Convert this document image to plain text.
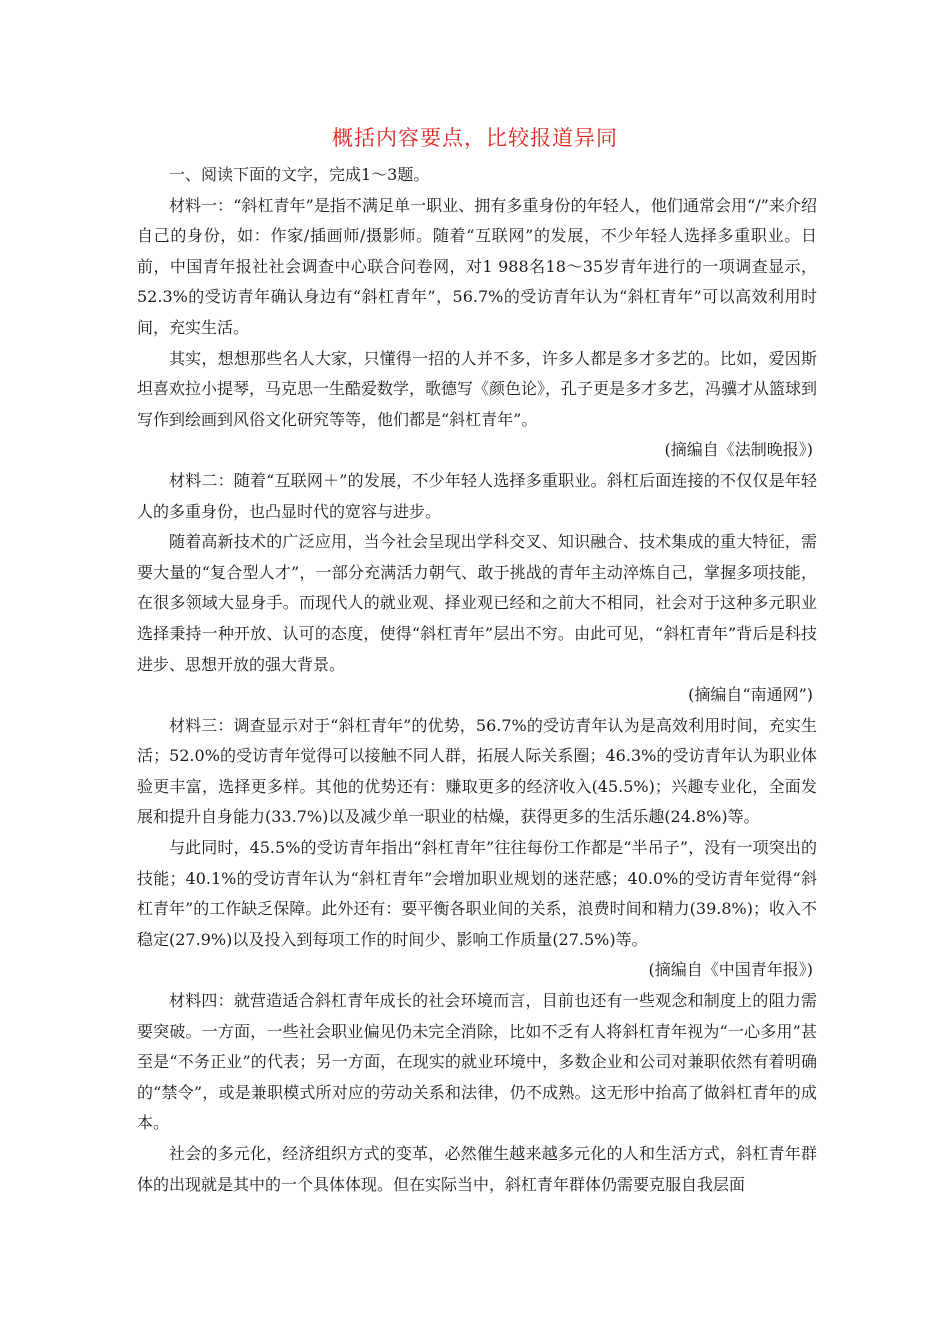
概括内容要点，比较报道异同

一、阅读下面的文字，完成1～3题。

材料一：“斜杠青年”是指不满足单一职业、拥有多重身份的年轻人，他们通常会用“/”来介绍自己的身份，如：作家/插画师/摄影师。随着“互联网”的发展，不少年轻人选择多重职业。日前，中国青年报社社会调查中心联合问卷网，对1 988名18～35岁青年进行的一项调查显示，52.3%的受访青年确认身边有“斜杠青年”，56.7%的受访青年认为“斜杠青年”可以高效利用时间，充实生活。

其实，想想那些名人大家，只懂得一招的人并不多，许多人都是多才多艺的。比如，爱因斯坦喜欢拉小提琴，马克思一生酷爱数学，歌德写《颜色论》，孔子更是多才多艺，冯骥才从篮球到写作到绘画到风俗文化研究等等，他们都是“斜杠青年”。

(摘编自《法制晚报》)

材料二：随着“互联网＋”的发展，不少年轻人选择多重职业。斜杠后面连接的不仅仅是年轻人的多重身份，也凸显时代的宽容与进步。

随着高新技术的广泛应用，当今社会呈现出学科交叉、知识融合、技术集成的重大特征，需要大量的“复合型人才”，一部分充满活力朝气、敢于挑战的青年主动淬炼自己，掌握多项技能，在很多领域大显身手。而现代人的就业观、择业观已经和之前大不相同，社会对于这种多元职业选择秉持一种开放、认可的态度，使得“斜杠青年”层出不穷。由此可见，“斜杠青年”背后是科技进步、思想开放的强大背景。

(摘编自“南通网”)

材料三：调查显示对于“斜杠青年”的优势，56.7%的受访青年认为是高效利用时间，充实生活；52.0%的受访青年觉得可以接触不同人群，拓展人际关系圈；46.3%的受访青年认为职业体验更丰富，选择更多样。其他的优势还有：赚取更多的经济收入(45.5%)；兴趣专业化，全面发展和提升自身能力(33.7%)以及减少单一职业的枯燥，获得更多的生活乐趣(24.8%)等。

与此同时，45.5%的受访青年指出“斜杠青年”往往每份工作都是“半吊子”，没有一项突出的技能；40.1%的受访青年认为“斜杠青年”会增加职业规划的迷茫感；40.0%的受访青年觉得“斜杠青年”的工作缺乏保障。此外还有：要平衡各职业间的关系，浪费时间和精力(39.8%)；收入不稳定(27.9%)以及投入到每项工作的时间少、影响工作质量(27.5%)等。

(摘编自《中国青年报》)

材料四：就营造适合斜杠青年成长的社会环境而言，目前也还有一些观念和制度上的阻力需要突破。一方面，一些社会职业偏见仍未完全消除，比如不乏有人将斜杠青年视为“一心多用”甚至是“不务正业”的代表；另一方面，在现实的就业环境中，多数企业和公司对兼职依然有着明确的“禁令”，或是兼职模式所对应的劳动关系和法律，仍不成熟。这无形中抬高了做斜杠青年的成本。

社会的多元化，经济组织方式的变革，必然催生越来越多元化的人和生活方式，斜杠青年群体的出现就是其中的一个具体体现。但在实际当中，斜杠青年群体仍需要克服自我层面
